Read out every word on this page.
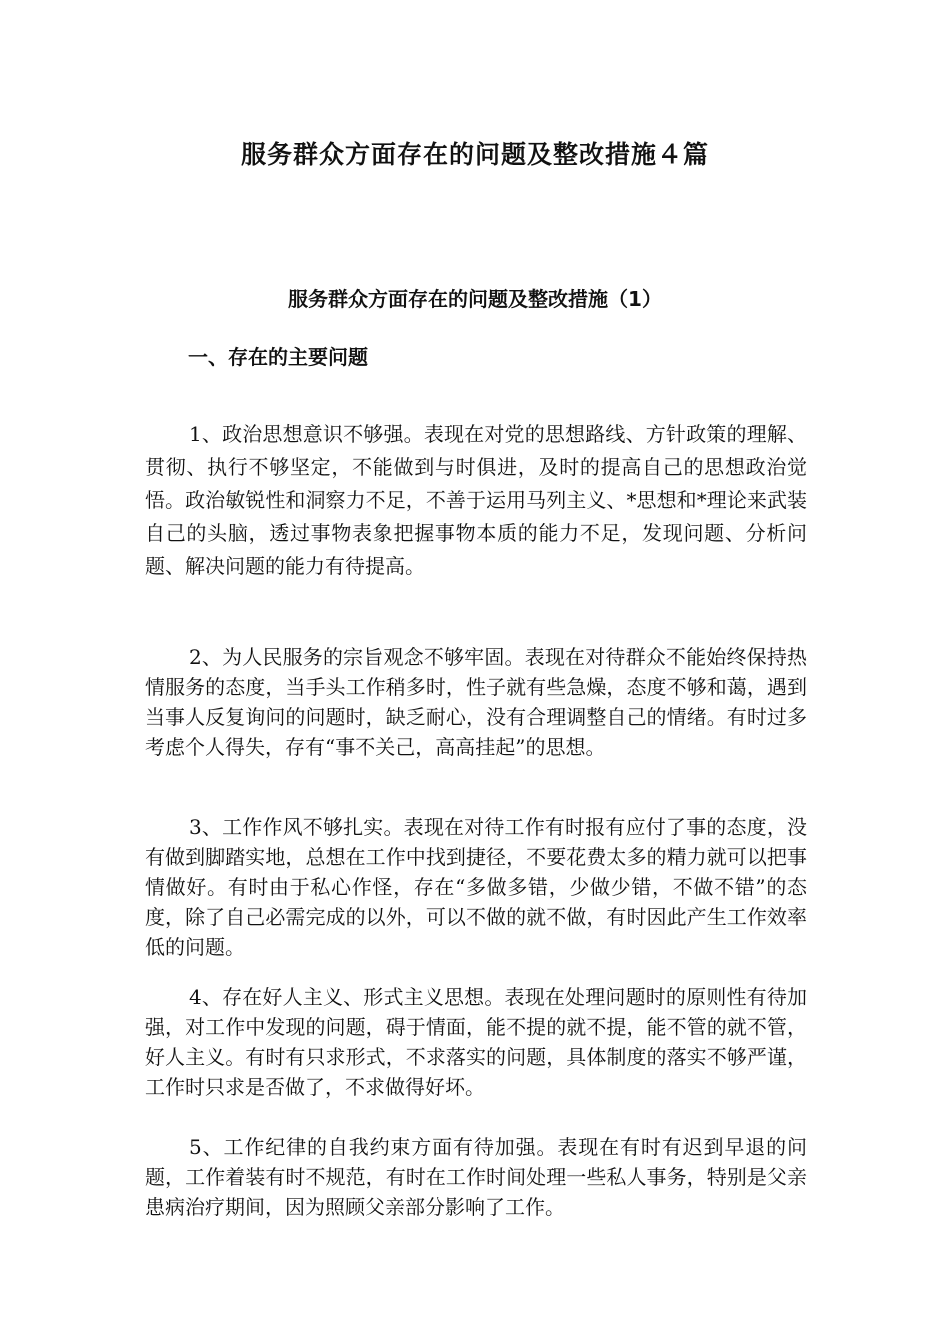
服务群众方面存在的问题及整改措施４篇
服务群众方面存在的问题及整改措施（1）
一、存在的主要问题

1、政治思想意识不够强。表现在对党的思想路线、方针政策的理解、贯彻、执行不够坚定，不能做到与时俱进，及时的提高自己的思想政治觉悟。政治敏锐性和洞察力不足，不善于运用马列主义、*思想和*理论来武装自己的头脑，透过事物表象把握事物本质的能力不足，发现问题、分析问题、解决问题的能力有待提高。

2、为人民服务的宗旨观念不够牢固。表现在对待群众不能始终保持热情服务的态度，当手头工作稍多时，性子就有些急燥，态度不够和蔼，遇到当事人反复询问的问题时，缺乏耐心，没有合理调整自己的情绪。有时过多考虑个人得失，存有“事不关己，高高挂起”的思想。

3、工作作风不够扎实。表现在对待工作有时报有应付了事的态度，没有做到脚踏实地，总想在工作中找到捷径，不要花费太多的精力就可以把事情做好。有时由于私心作怪，存在“多做多错，少做少错，不做不错”的态度，除了自己必需完成的以外，可以不做的就不做，有时因此产生工作效率低的问题。

4、存在好人主义、形式主义思想。表现在处理问题时的原则性有待加强，对工作中发现的问题，碍于情面，能不提的就不提，能不管的就不管，好人主义。有时有只求形式，不求落实的问题，具体制度的落实不够严谨，工作时只求是否做了，不求做得好坏。

5、工作纪律的自我约束方面有待加强。表现在有时有迟到早退的问题，工作着装有时不规范，有时在工作时间处理一些私人事务，特别是父亲患病治疗期间，因为照顾父亲部分影响了工作。
